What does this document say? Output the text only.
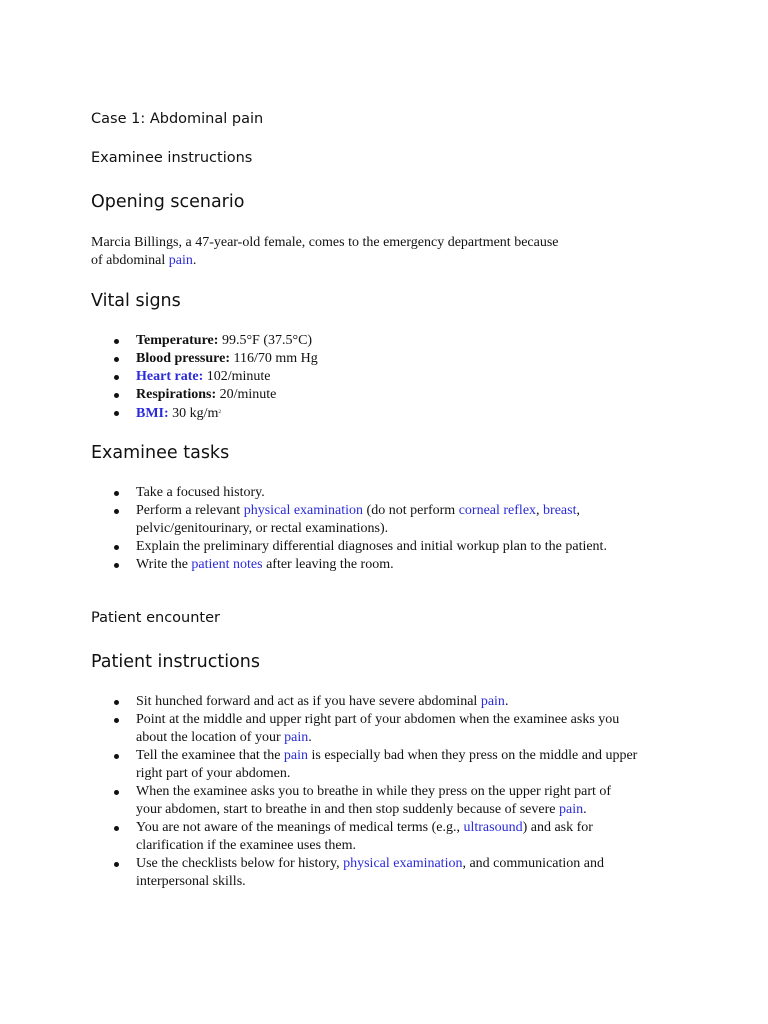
Case 1: Abdominal pain
Examinee instructions
Opening scenario
Marcia Billings, a 47-year-old female, comes to the emergency department because
of abdominal pain.
Vital signs
Temperature: 99.5°F (37.5°C)
Blood pressure: 116/70 mm Hg
Heart rate: 102/minute
Respirations: 20/minute
BMI: 30 $kg/m^2$
Examinee tasks
Take a focused history.
Perform a relevant physical examination (do not perform corneal reflex, breast,
pelvic/genitourinary, or rectal examinations).
Explain the preliminary differential diagnoses and initial workup plan to the patient.
Write the patient notes after leaving the room.
Patient encounter
Patient instructions
Sit hunched forward and act as if you have severe abdominal pain.
Point at the middle and upper right part of your abdomen when the examinee asks you
about the location of your pain.
Tell the examinee that the pain is especially bad when they press on the middle and upper
right part of your abdomen.
When the examinee asks you to breathe in while they press on the upper right part of
your abdomen, start to breathe in and then stop suddenly because of severe pain.
You are not aware of the meanings of medical terms (e.g., ultrasound) and ask for
clarification if the examinee uses them.
Use the checklists below for history, physical examination, and communication and
interpersonal skills.
